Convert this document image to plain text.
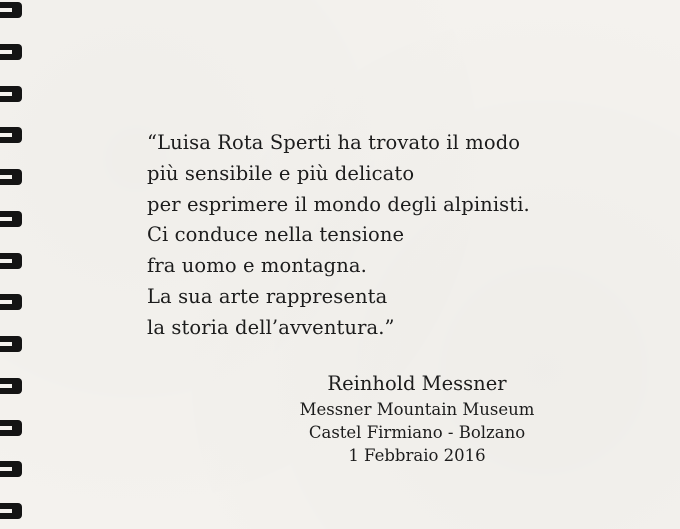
“Luisa Rota Sperti ha trovato il modo
più sensibile e più delicato
per esprimere il mondo degli alpinisti.
Ci conduce nella tensione
fra uomo e montagna.
La sua arte rappresenta
la storia dell’avventura.”
Reinhold Messner
Messner Mountain Museum
Castel Firmiano - Bolzano
1 Febbraio 2016
